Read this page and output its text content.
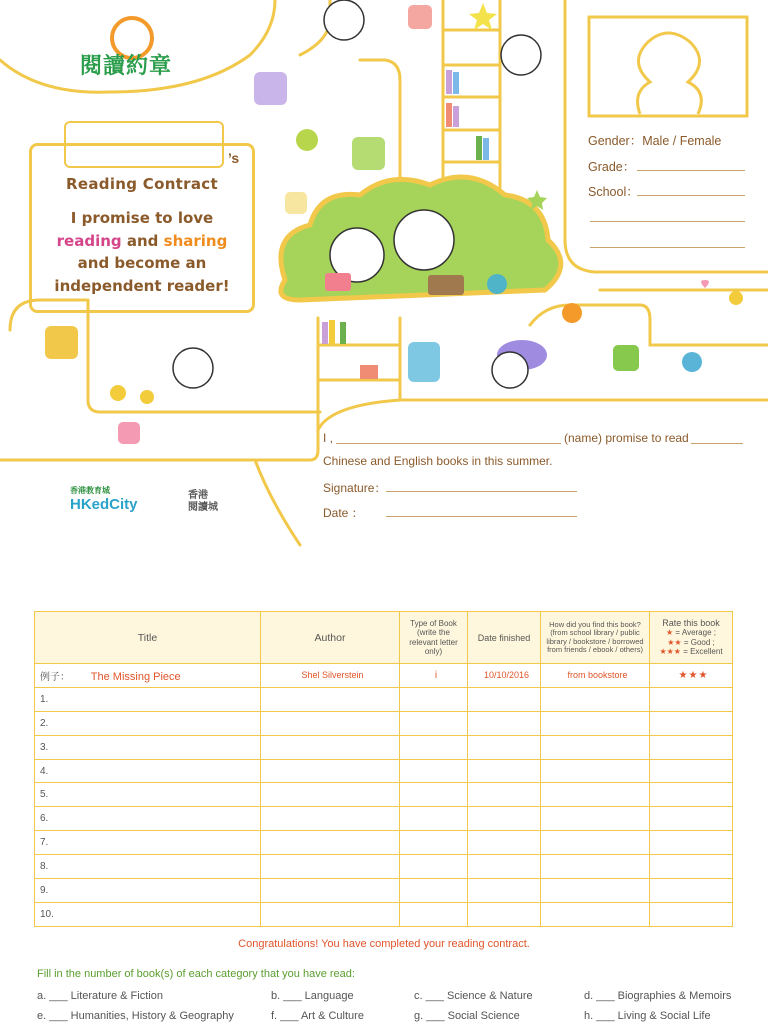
閱讀約章
’s
Reading Contract
I promise to love
reading and sharing
and become an
independent reader!
Gender：Male / Female
Grade：
School：
I ,	(name) promise to read
Chinese and English books in this summer.
Signature：
Date ：
香港教育城
HKedCity
香港
閱讀城
Title	Author	Type of Book (write the relevant letter only)	Date finished	How did you find this book? (from school library / public library / bookstore / borrowed from friends / ebook / others)	Rate this book
★ = Average ;
★★ = Good ;
★★★ = Excellent

例子： The Missing Piece	Shel Silverstein	i	10/10/2016	from bookstore	★★★
1.					
2.					
3.					
4.					
5.					
6.					
7.					
8.					
9.					
10.					
Congratulations! You have completed your reading contract.
Fill in the number of book(s) of each category that you have read:
a. ___ Literature & Fiction	b. ___ Language	c. ___ Science & Nature	d. ___ Biographies & Memoirs
e. ___ Humanities, History & Geography	f. ___ Art & Culture	g. ___ Social Science	h. ___ Living & Social Life
